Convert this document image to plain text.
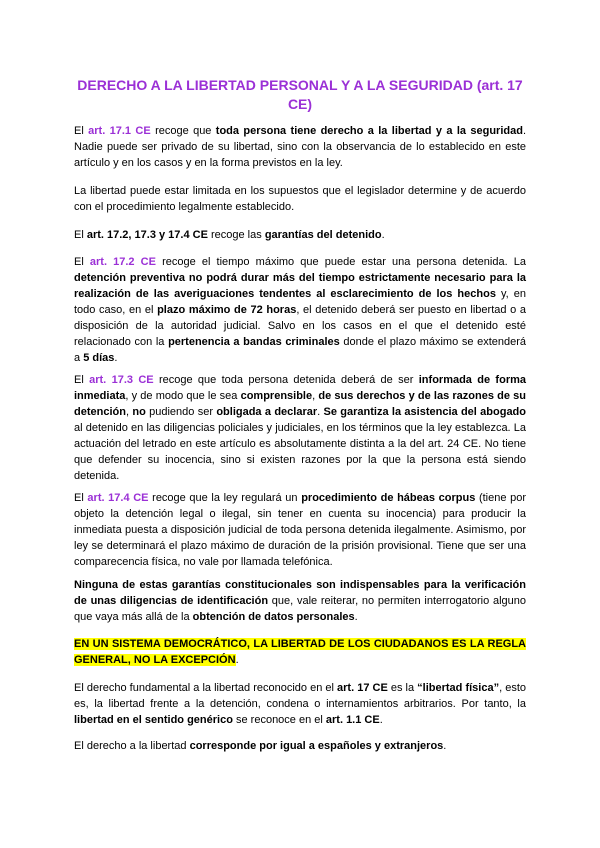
DERECHO A LA LIBERTAD PERSONAL Y A LA SEGURIDAD (art. 17 CE)

El art. 17.1 CE recoge que toda persona tiene derecho a la libertad y a la seguridad. Nadie puede ser privado de su libertad, sino con la observancia de lo establecido en este artículo y en los casos y en la forma previstos en la ley.

La libertad puede estar limitada en los supuestos que el legislador determine y de acuerdo con el procedimiento legalmente establecido.

El art. 17.2, 17.3 y 17.4 CE recoge las garantías del detenido.

El art. 17.2 CE recoge el tiempo máximo que puede estar una persona detenida. La detención preventiva no podrá durar más del tiempo estrictamente necesario para la realización de las averiguaciones tendentes al esclarecimiento de los hechos y, en todo caso, en el plazo máximo de 72 horas, el detenido deberá ser puesto en libertad o a disposición de la autoridad judicial. Salvo en los casos en el que el detenido esté relacionado con la pertenencia a bandas criminales donde el plazo máximo se extenderá a 5 días.

El art. 17.3 CE recoge que toda persona detenida deberá de ser informada de forma inmediata, y de modo que le sea comprensible, de sus derechos y de las razones de su detención, no pudiendo ser obligada a declarar. Se garantiza la asistencia del abogado al detenido en las diligencias policiales y judiciales, en los términos que la ley establezca. La actuación del letrado en este artículo es absolutamente distinta a la del art. 24 CE. No tiene que defender su inocencia, sino si existen razones por la que la persona está siendo detenida.

El art. 17.4 CE recoge que la ley regulará un procedimiento de hábeas corpus (tiene por objeto la detención legal o ilegal, sin tener en cuenta su inocencia) para producir la inmediata puesta a disposición judicial de toda persona detenida ilegalmente. Asimismo, por ley se determinará el plazo máximo de duración de la prisión provisional. Tiene que ser una comparecencia física, no vale por llamada telefónica.

Ninguna de estas garantías constitucionales son indispensables para la verificación de unas diligencias de identificación que, vale reiterar, no permiten interrogatorio alguno que vaya más allá de la obtención de datos personales.

EN UN SISTEMA DEMOCRÁTICO, LA LIBERTAD DE LOS CIUDADANOS ES LA REGLA GENERAL, NO LA EXCEPCIÓN.

El derecho fundamental a la libertad reconocido en el art. 17 CE es la “libertad física”, esto es, la libertad frente a la detención, condena o internamientos arbitrarios. Por tanto, la libertad en el sentido genérico se reconoce en el art. 1.1 CE.

El derecho a la libertad corresponde por igual a españoles y extranjeros.
